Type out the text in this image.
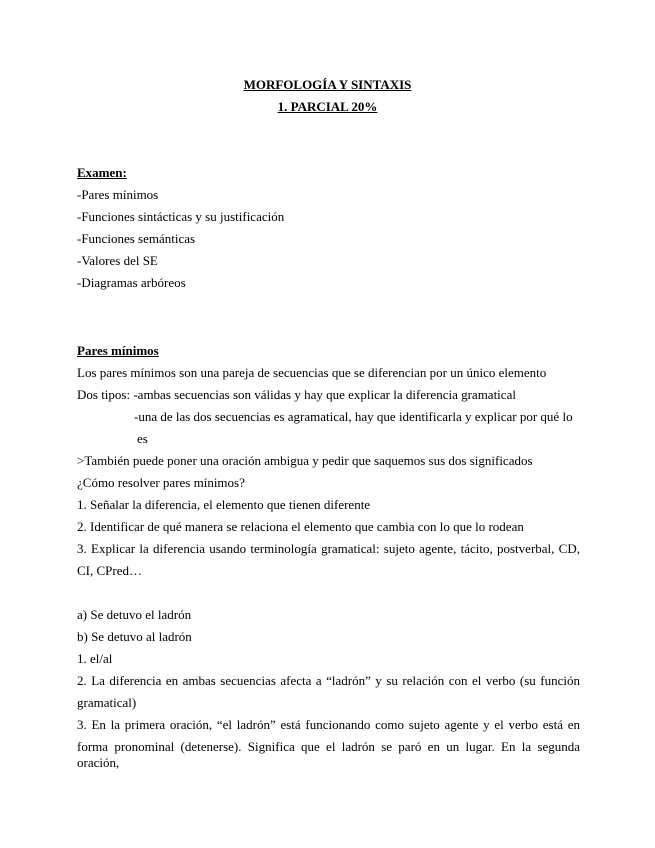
MORFOLOGÍA Y SINTAXIS
1. PARCIAL 20%
Examen:
-Pares mínimos
-Funciones sintácticas y su justificación
-Funciones semánticas
-Valores del SE
-Diagramas arbóreos
Pares mínimos
Los pares mínimos son una pareja de secuencias que se diferencian por un único elemento
Dos tipos: -ambas secuencias son válidas y hay que explicar la diferencia gramatical
-una de las dos secuencias es agramatical, hay que identificarla y explicar por qué lo
es
>También puede poner una oración ambigua y pedir que saquemos sus dos significados
¿Cómo resolver pares mínimos?
1. Señalar la diferencia, el elemento que tienen diferente
2. Identificar de qué manera se relaciona el elemento que cambia con lo que lo rodean
3. Explicar la diferencia usando terminología gramatical: sujeto agente, tácito, postverbal, CD,
CI, CPred…
a) Se detuvo el ladrón
b) Se detuvo al ladrón
1. el/al
2. La diferencia en ambas secuencias afecta a “ladrón” y su relación con el verbo (su función
gramatical)
3. En la primera oración, “el ladrón” está funcionando como sujeto agente y el verbo está en
forma pronominal (detenerse). Significa que el ladrón se paró en un lugar. En la segunda oración,
